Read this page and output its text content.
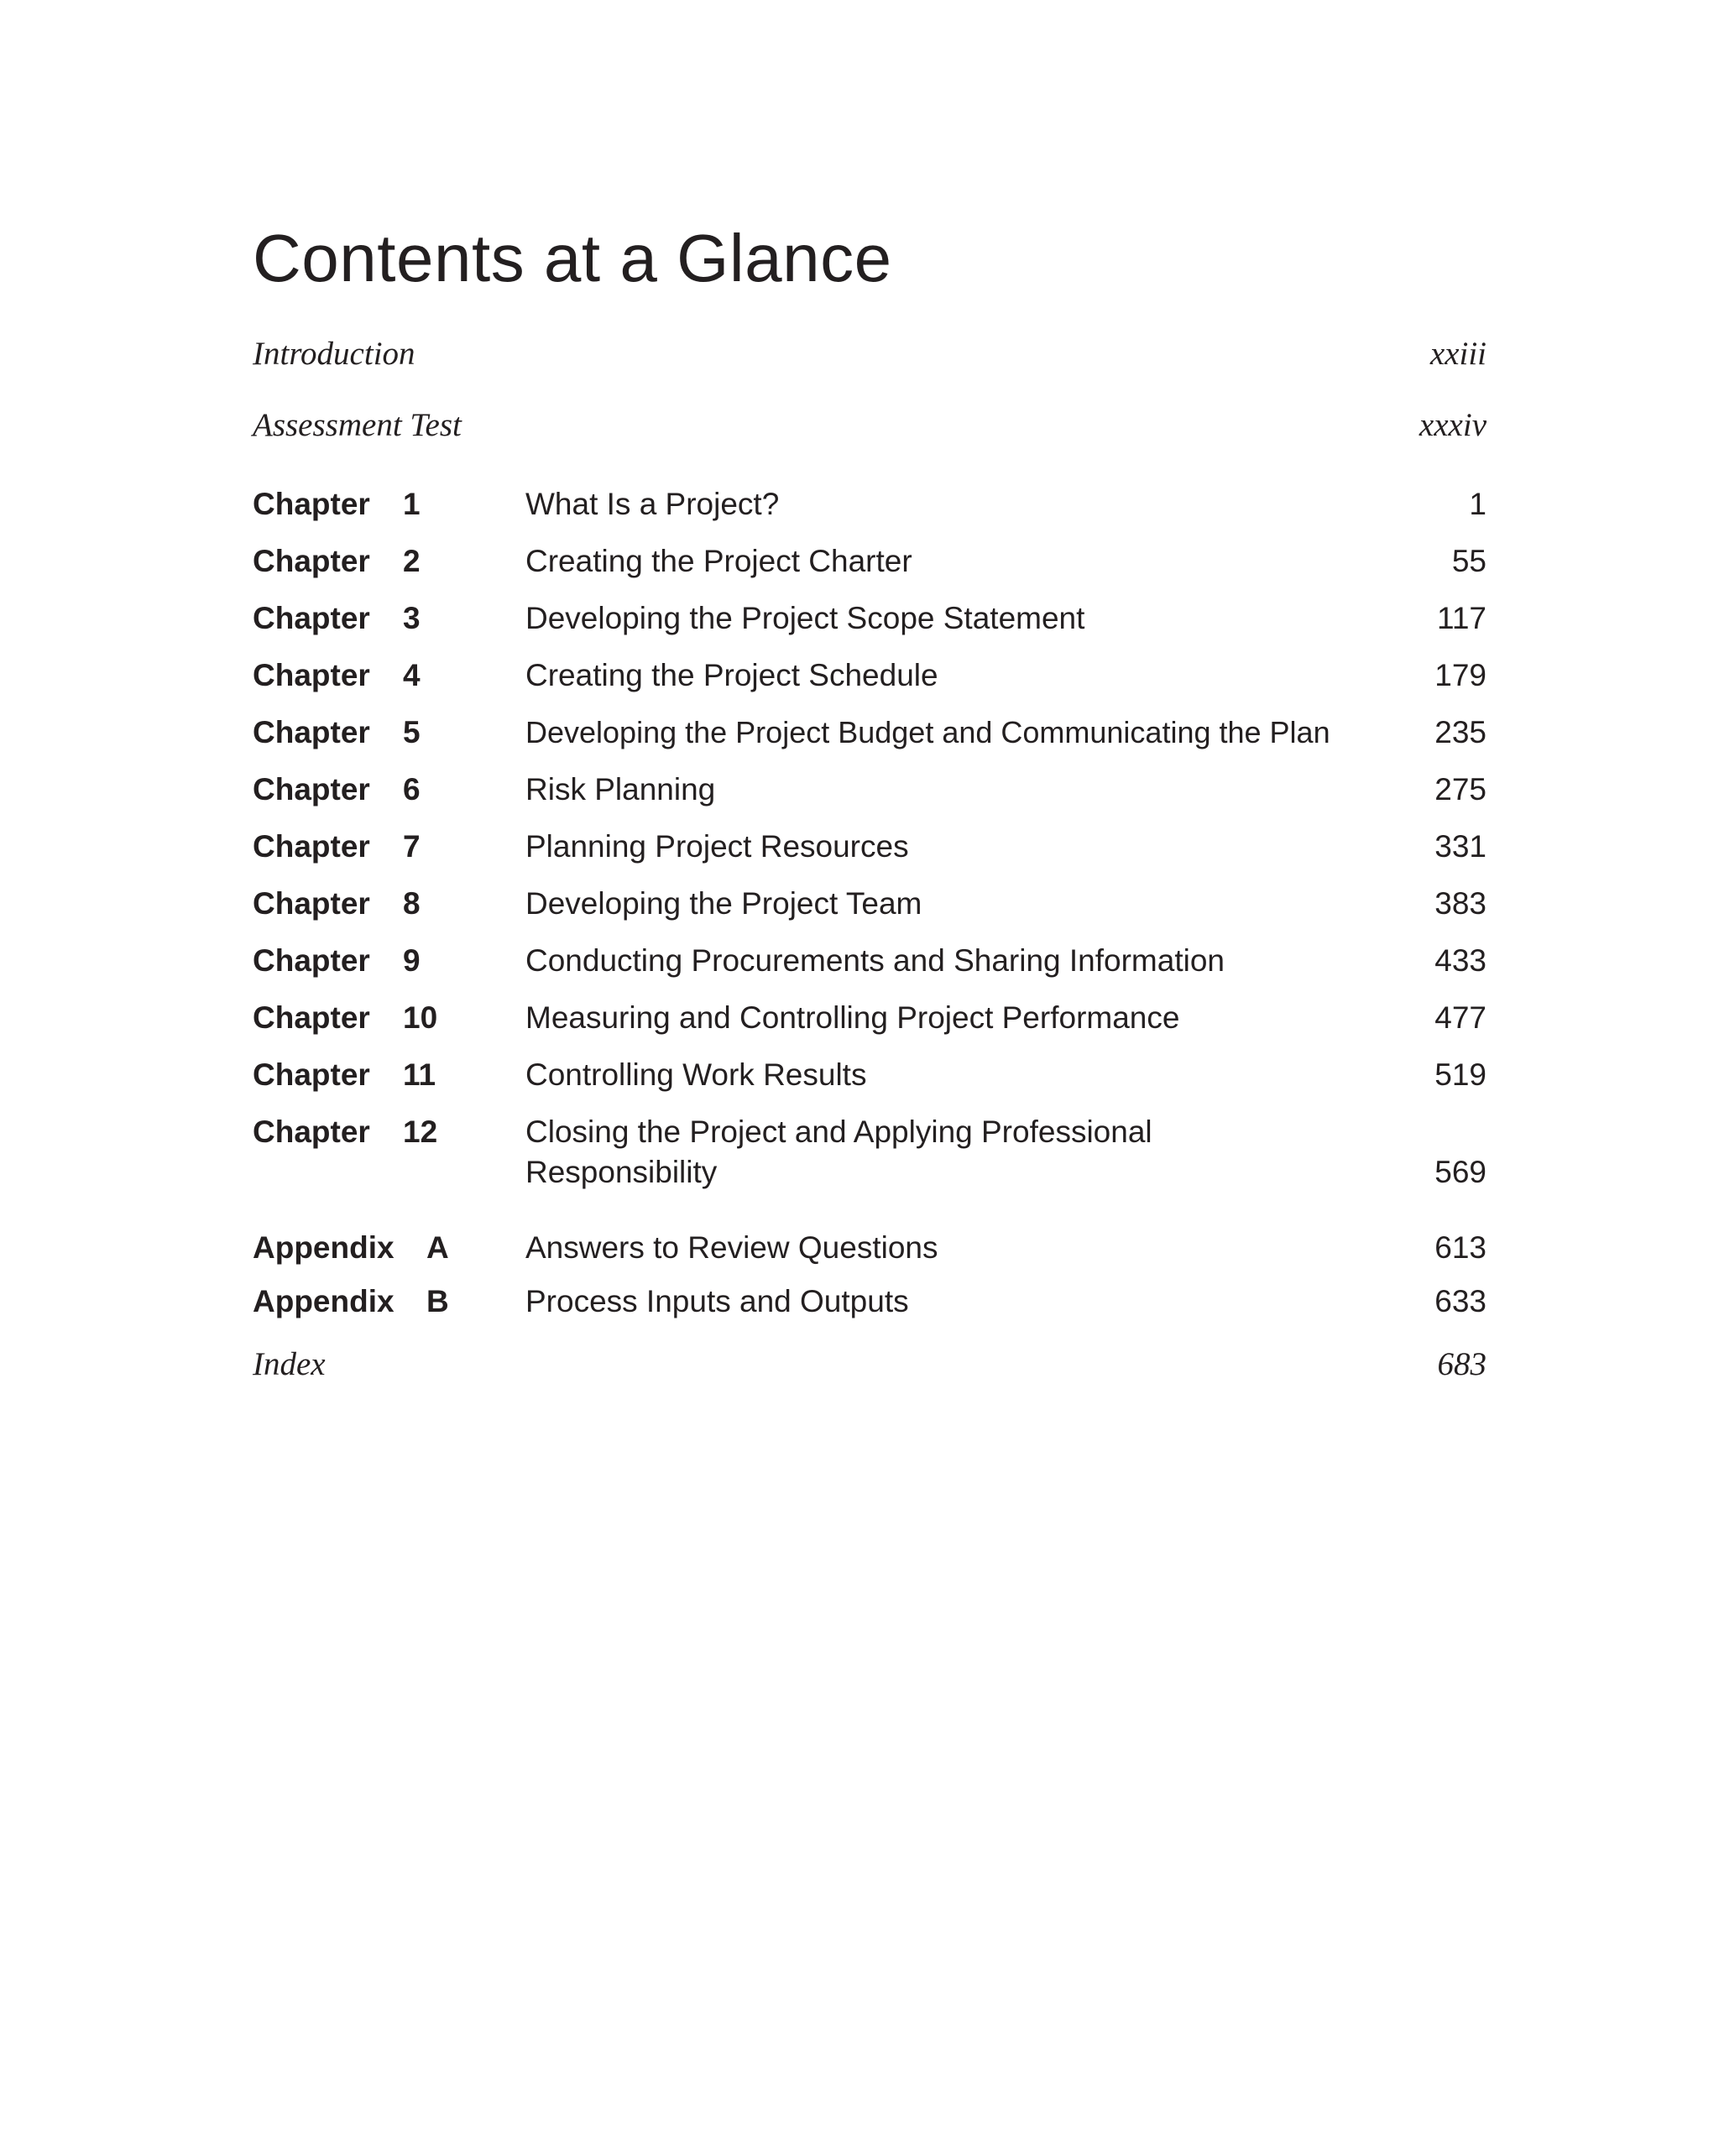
Contents at a Glance
Introduction	xxiii
Assessment Test	xxxiv
Chapter 1	What Is a Project?	1
Chapter 2	Creating the Project Charter	55
Chapter 3	Developing the Project Scope Statement	117
Chapter 4	Creating the Project Schedule	179
Chapter 5	Developing the Project Budget and Communicating the Plan	235
Chapter 6	Risk Planning	275
Chapter 7	Planning Project Resources	331
Chapter 8	Developing the Project Team	383
Chapter 9	Conducting Procurements and Sharing Information	433
Chapter 10	Measuring and Controlling Project Performance	477
Chapter 11	Controlling Work Results	519
Chapter 12	Closing the Project and Applying Professional
Responsibility	569
Appendix A Answers to Review Questions	613
Appendix B Process Inputs and Outputs	633
Index	683
